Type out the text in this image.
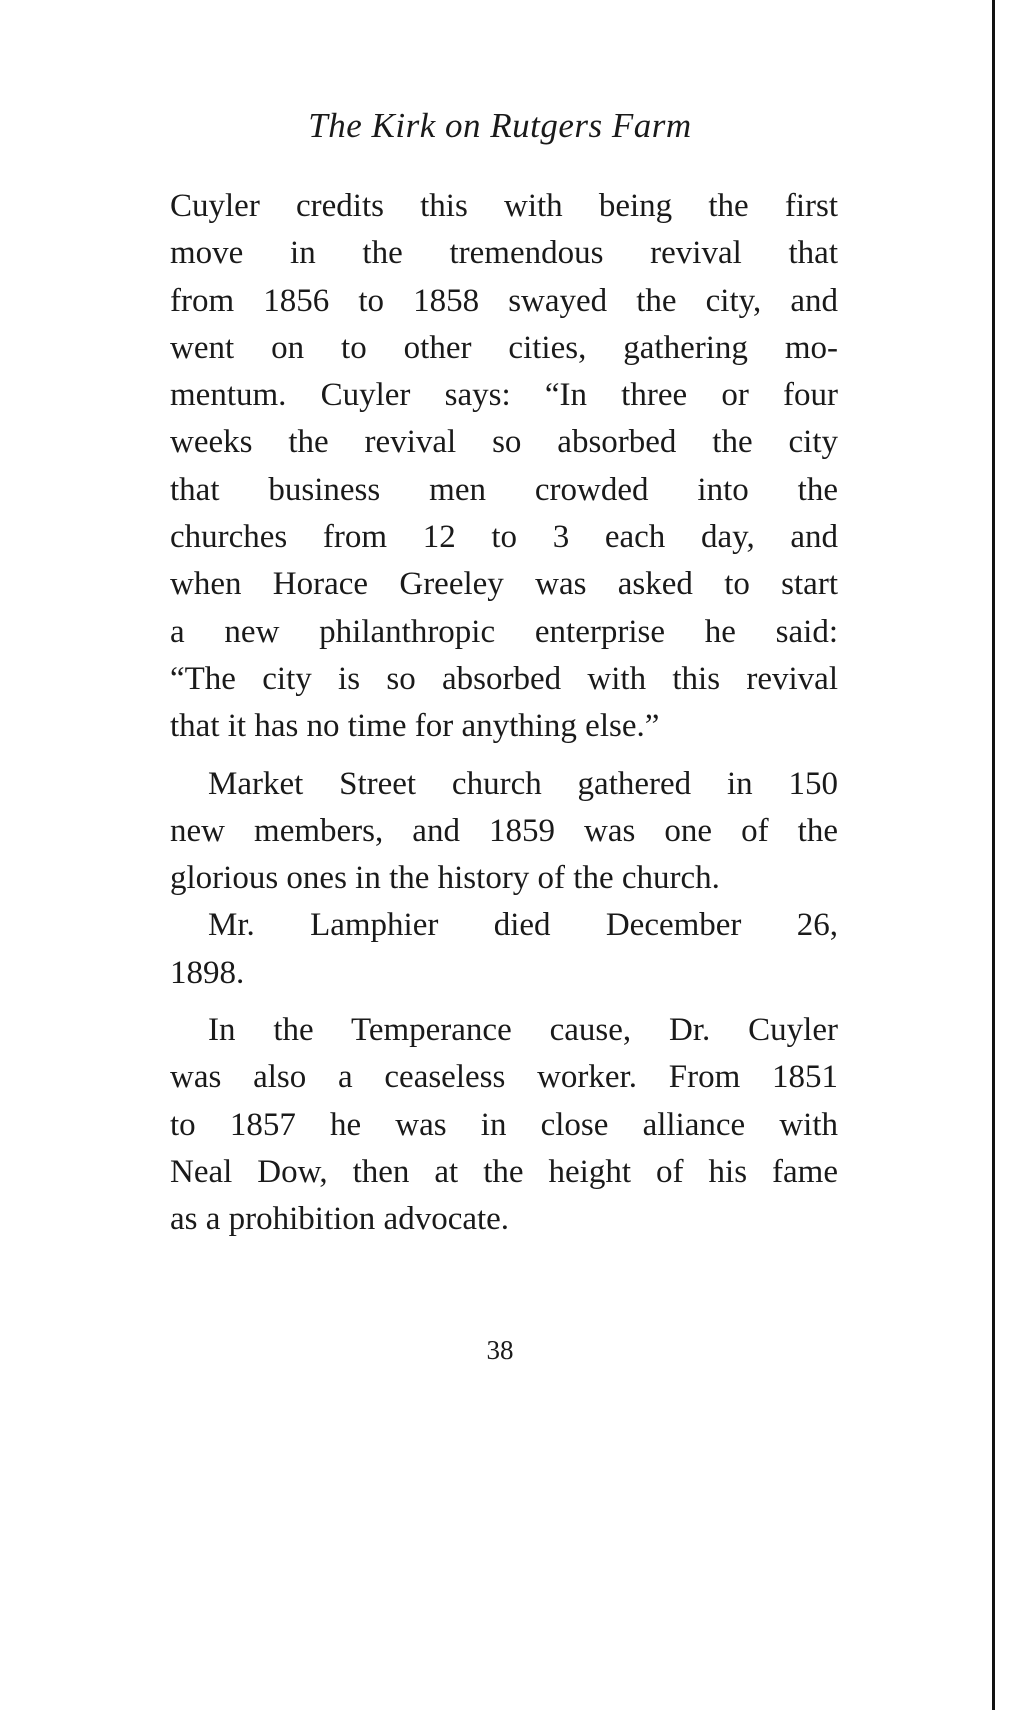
The Kirk on Rutgers Farm

Cuyler credits this with being the first
move in the tremendous revival that
from 1856 to 1858 swayed the city, and
went on to other cities, gathering mo-
mentum. Cuyler says: “In three or four
weeks the revival so absorbed the city
that business men crowded into the
churches from 12 to 3 each day, and
when Horace Greeley was asked to start
a new philanthropic enterprise he said:
“The city is so absorbed with this revival
that it has no time for anything else.”
Market Street church gathered in 150
new members, and 1859 was one of the
glorious ones in the history of the church.
Mr. Lamphier died December 26,
1898.
In the Temperance cause, Dr. Cuyler
was also a ceaseless worker. From 1851
to 1857 he was in close alliance with
Neal Dow, then at the height of his fame
as a prohibition advocate.

38
